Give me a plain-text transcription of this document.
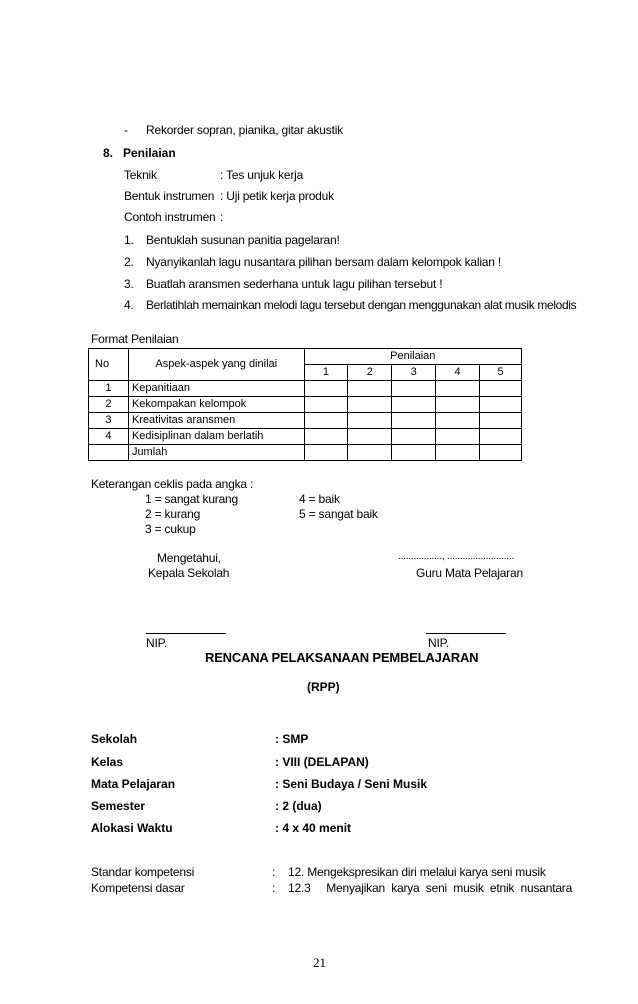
- Rekorder sopran, pianika, gitar akustik
8. Penilaian
Teknik	: Tes unjuk kerja
Bentuk instrumen : Uji petik kerja produk
Contoh instrumen :
1. Bentuklah susunan panitia pagelaran!
2. Nyanyikanlah lagu nusantara pilihan bersam dalam kelompok kalian !
3. Buatlah aransmen sederhana untuk lagu pilihan tersebut !
4. Berlatihlah memainkan melodi lagu tersebut dengan menggunakan alat musik melodis
Format Penilaian
No	Aspek-aspek yang dinilai	Penilaian				
		1	2	3	4	5
1	Kepanitiaan					
2	Kekompakan kelompok					
3	Kreativitas aransmen					
4	Kedisiplinan dalam berlatih					
	Jumlah					
Keterangan ceklis pada angka :
1 = sangat kurang
2 = kurang
3 = cukup
4 = baik
5 = sangat baik
Mengetahui,
Kepala Sekolah
................., ..........................
Guru Mata Pelajaran
NIP.	NIP.
RENCANA PELAKSANAAN PEMBELAJARAN
(RPP)
Sekolah	: SMP
Kelas	: VIII (DELAPAN)
Mata Pelajaran	: Seni Budaya / Seni Musik
Semester	: 2 (dua)
Alokasi Waktu	: 4 x 40 menit
Standar kompetensi	: 12. Mengekspresikan diri melalui karya seni musik
Kompetensi dasar	: 12.3     Menyajikan  karya  seni  musik  etnik  nusantara
21
